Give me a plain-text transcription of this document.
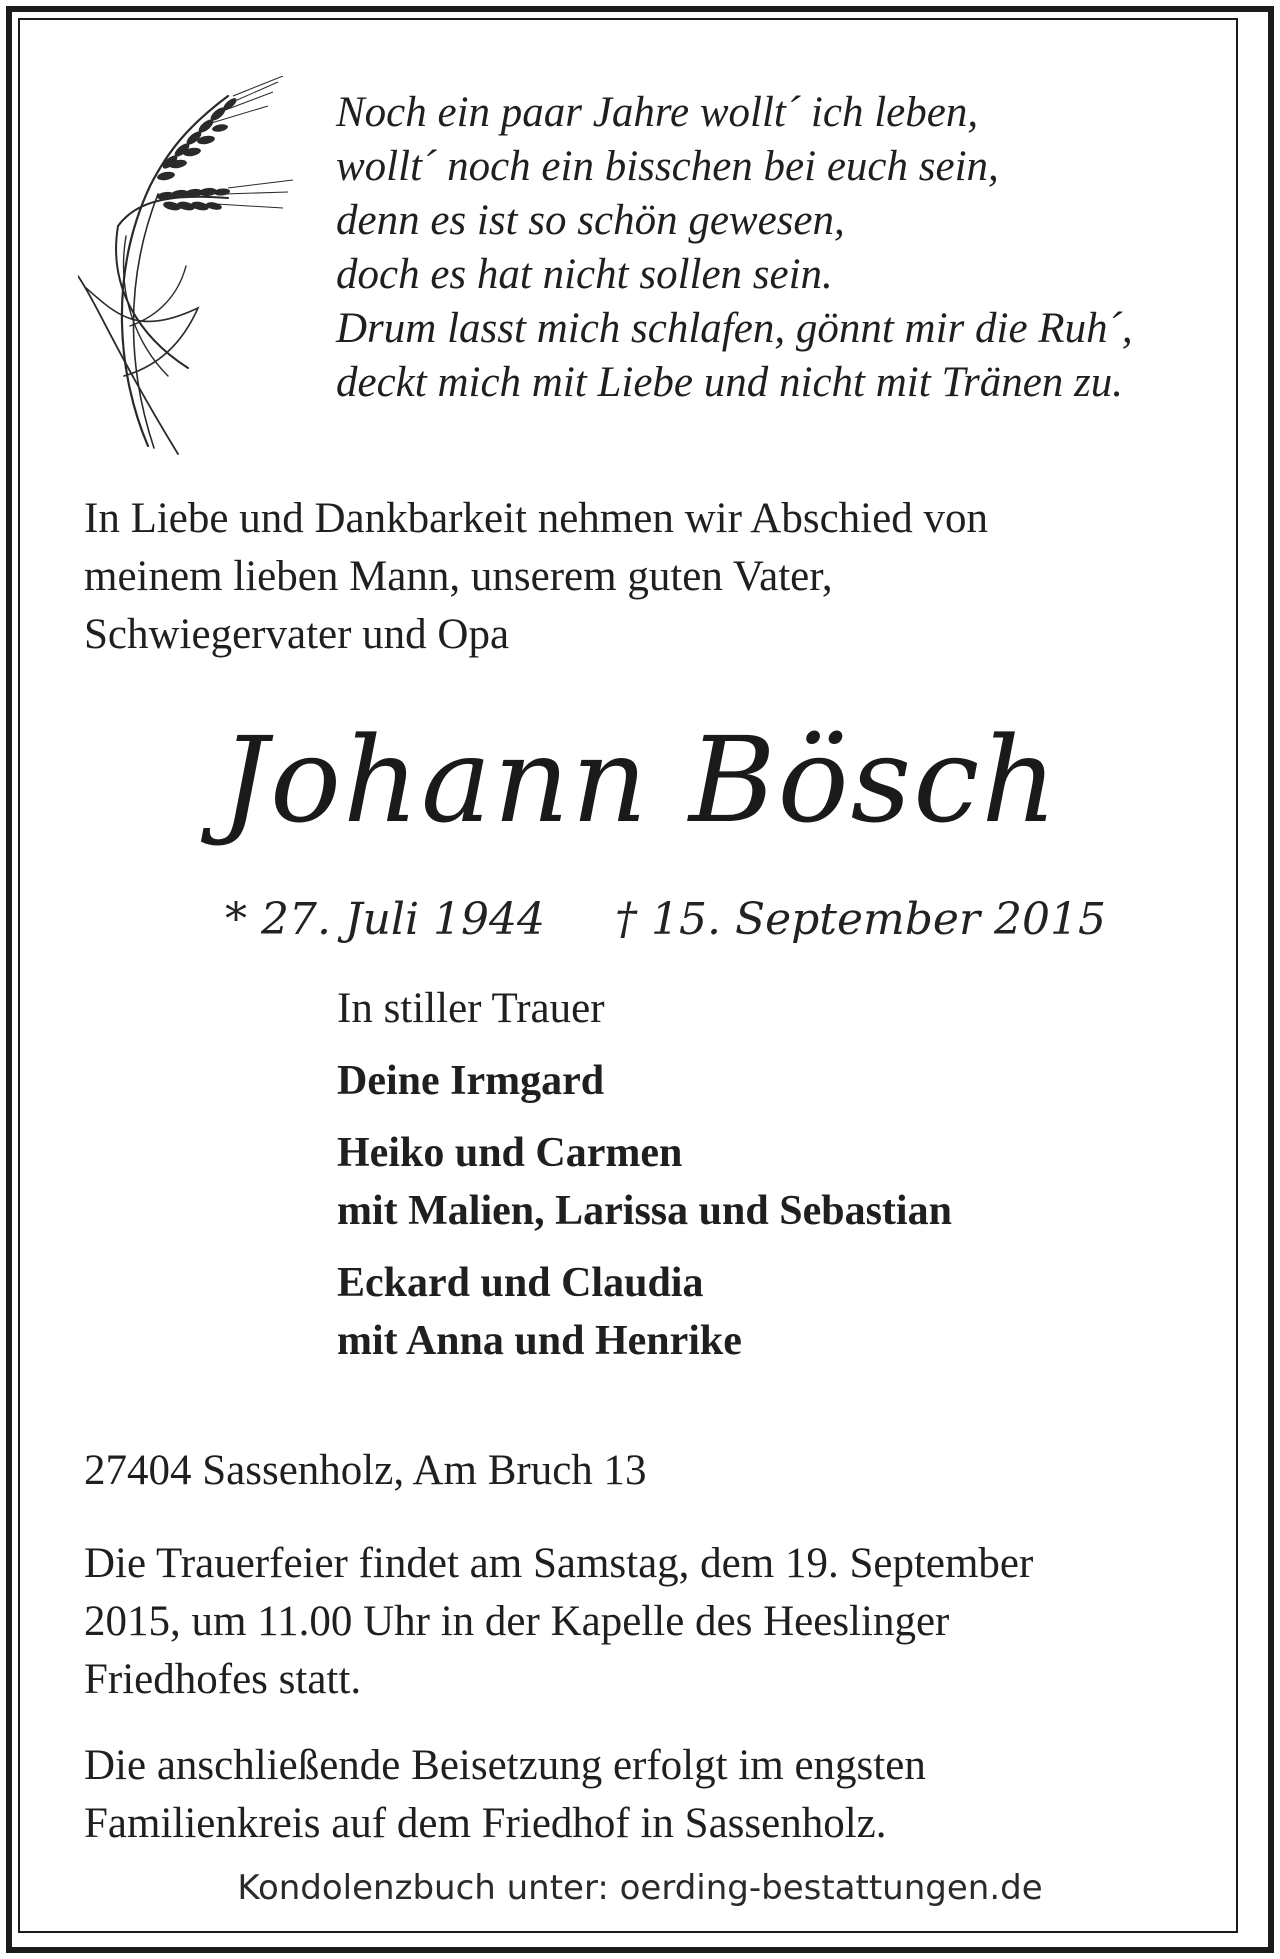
Noch ein paar Jahre wollt´ ich leben,
wollt´ noch ein bisschen bei euch sein,
denn es ist so schön gewesen,
doch es hat nicht sollen sein.
Drum lasst mich schlafen, gönnt mir die Ruh´,
deckt mich mit Liebe und nicht mit Tränen zu.
In Liebe und Dankbarkeit nehmen wir Abschied von
meinem lieben Mann, unserem guten Vater,
Schwiegervater und Opa
Johann Bösch
* 27. Juli 1944 † 15. September 2015
In stiller Trauer
Deine Irmgard
Heiko und Carmen
mit Malien, Larissa und Sebastian
Eckard und Claudia
mit Anna und Henrike
27404 Sassenholz, Am Bruch 13
Die Trauerfeier findet am Samstag, dem 19. September
2015, um 11.00 Uhr in der Kapelle des Heeslinger
Friedhofes statt.
Die anschließende Beisetzung erfolgt im engsten
Familienkreis auf dem Friedhof in Sassenholz.
Kondolenzbuch unter: oerding-bestattungen.de
